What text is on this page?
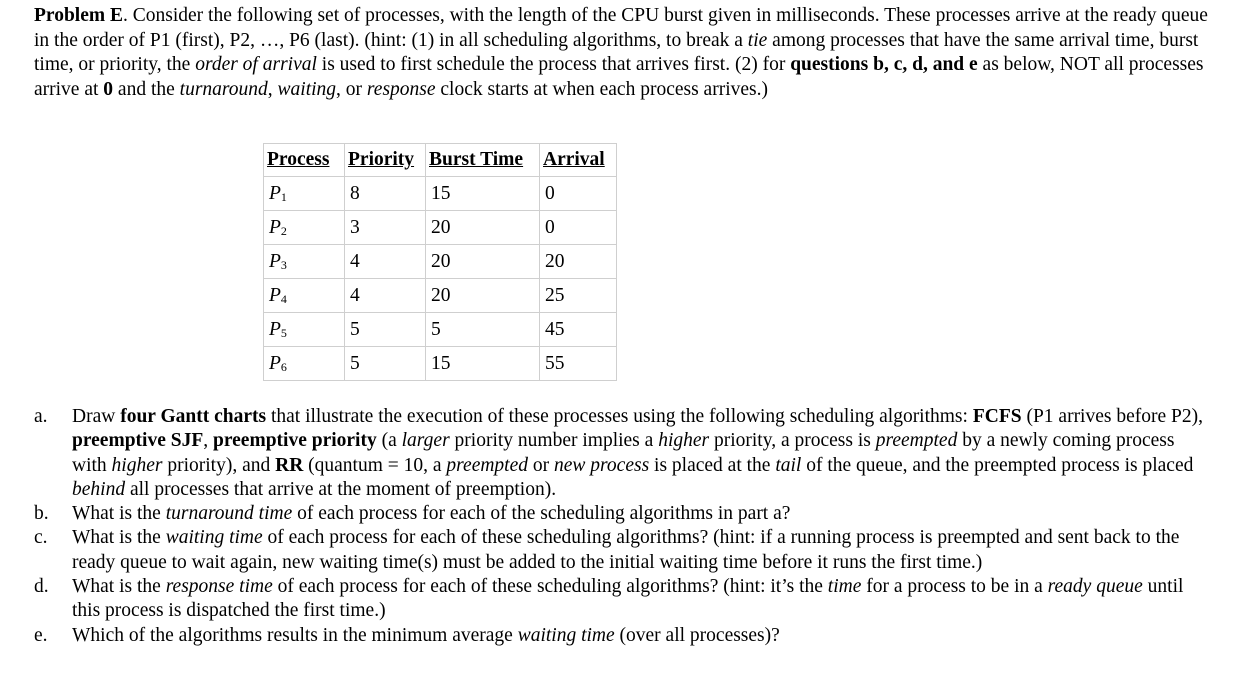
Problem E. Consider the following set of processes, with the length of the CPU burst given in milliseconds. These processes arrive at the ready queue in the order of P1 (first), P2, …, P6 (last). (hint: (1) in all scheduling algorithms, to break a tie among processes that have the same arrival time, burst time, or priority, the order of arrival is used to first schedule the process that arrives first. (2) for questions b, c, d, and e as below, NOT all processes arrive at 0 and the turnaround, waiting, or response clock starts at when each process arrives.)
Process	Priority	Burst Time	Arrival
$P_1$	8	15	0
$P_2$	3	20	0
$P_3$	4	20	20
$P_4$	4	20	25
$P_5$	5	5	45
$P_6$	5	15	55
a. Draw four Gantt charts that illustrate the execution of these processes using the following scheduling algorithms: FCFS (P1 arrives before P2), preemptive SJF, preemptive priority (a larger priority number implies a higher priority, a process is preempted by a newly coming process with higher priority), and RR (quantum = 10, a preempted or new process is placed at the tail of the queue, and the preempted process is placed behind all processes that arrive at the moment of preemption).
b. What is the turnaround time of each process for each of the scheduling algorithms in part a?
c. What is the waiting time of each process for each of these scheduling algorithms? (hint: if a running process is preempted and sent back to the ready queue to wait again, new waiting time(s) must be added to the initial waiting time before it runs the first time.)
d. What is the response time of each process for each of these scheduling algorithms? (hint: it’s the time for a process to be in a ready queue until this process is dispatched the first time.)
e. Which of the algorithms results in the minimum average waiting time (over all processes)?
